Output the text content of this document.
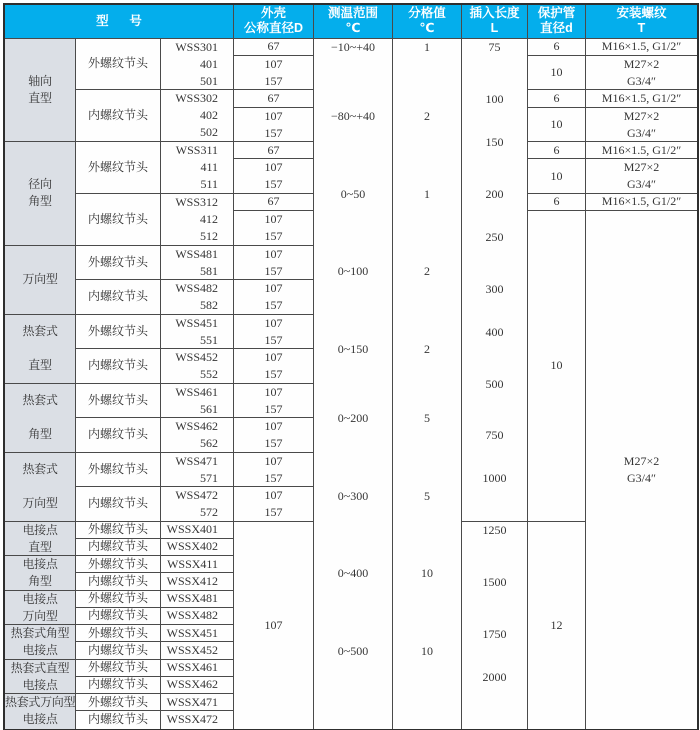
型      号
外壳
公称直径D
测温范围
℃
分格值
℃
插入长度
L
保护管
直径d
安装螺纹
T
轴向
直型
径向
角型
万向型
热套式
直型
热套式
角型
热套式
万向型
电接点
直型
电接点
角型
电接点
万向型
热套式角型
电接点
热套式直型
电接点
热套式万向型
电接点
外螺纹节头
内螺纹节头
外螺纹节头
内螺纹节头
外螺纹节头
内螺纹节头
外螺纹节头
内螺纹节头
外螺纹节头
内螺纹节头
外螺纹节头
内螺纹节头
外螺纹节头
内螺纹节头
外螺纹节头
内螺纹节头
外螺纹节头
内螺纹节头
外螺纹节头
内螺纹节头
外螺纹节头
内螺纹节头
外螺纹节头
内螺纹节头
WSS301
401
501
WSS302
402
502
WSS311
411
511
WSS312
412
512
WSS481
581
WSS482
582
WSS451
551
WSS452
552
WSS461
561
WSS462
562
WSS471
571
WSS472
572
WSSX401
WSSX402
WSSX411
WSSX412
WSSX481
WSSX482
WSSX451
WSSX452
WSSX461
WSSX462
WSSX471
WSSX472
67
107
157
67
107
157
67
107
157
67
107
157
107
157
107
157
107
157
107
157
107
157
107
157
107
157
107
157
107
6
10
6
10
6
10
6
10
12
M16×1.5, G1/2″
M27×2
G3/4″
M16×1.5, G1/2″
M27×2
G3/4″
M16×1.5, G1/2″
M27×2
G3/4″
M16×1.5, G1/2″
M27×2
G3/4″
−10~+40
−80~+40
0~50
0~100
0~150
0~200
0~300
0~400
0~500
1
2
1
2
2
5
5
10
10
75
100
150
200
250
300
400
500
750
1000
1250
1500
1750
2000
